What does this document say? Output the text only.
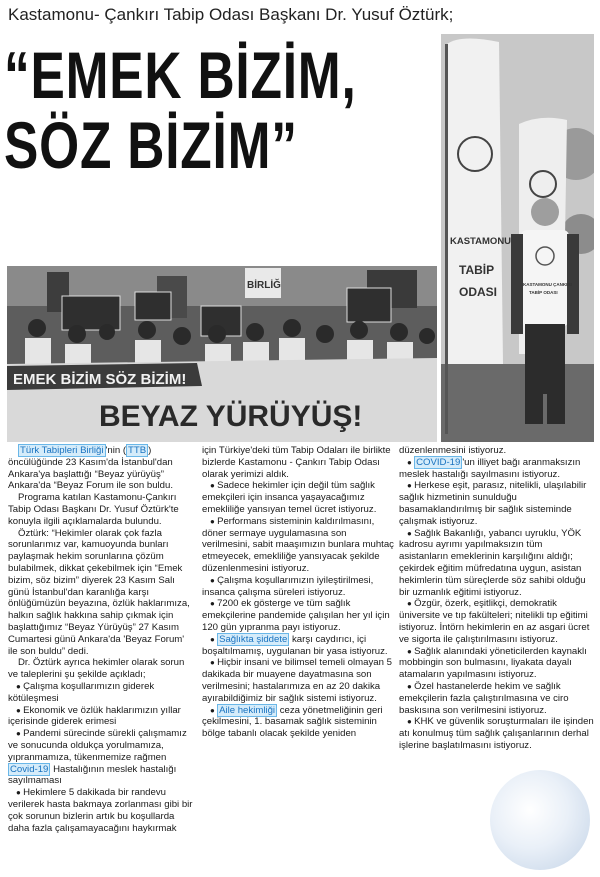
Kastamonu- Çankırı Tabip Odası Başkanı Dr. Yusuf Öztürk;
“EMEK BİZİM,
SÖZ BİZİM”
BİRLİĞ
EMEK BİZİM SÖZ BİZİM!
BEYAZ YÜRÜYÜŞ!
KASTAMONU
TABİP
ODASI
KASTAMONU ÇANKIRI
TABİP ODASI

Türk Tabipleri Birliği 'nin ( TTB ) öncülüğünde 23 Kasım'da İstanbul'dan Ankara'ya başlattığı “Beyaz yürüyüş” Ankara'da “Beyaz Forum ile son buldu.

Programa katılan Kastamonu-Çankırı Tabip Odası Başkanı Dr. Yusuf Öztürk'te konuyla ilgili açıklamalarda bulundu.

Öztürk: “Hekimler olarak çok fazla sorunlarımız var, kamuoyunda bunları paylaşmak hekim sorunlarına çözüm bulabilmek, dikkat çekebilmek için “Emek bizim, söz bizim” diyerek 23 Kasım Salı günü İstanbul'dan karanlığa karşı önlüğümüzün beyazına, özlük haklarımıza, halkın sağlık hakkına sahip çıkmak için başlattığımız “Beyaz Yürüyüş” 27 Kasım Cumartesi günü Ankara'da 'Beyaz Forum' ile son buldu” dedi.

Dr. Öztürk ayrıca hekimler olarak sorun ve taleplerini şu şekilde açıkladı;

● Çalışma koşullarımızın giderek kötüleşmesi

● Ekonomik ve özlük haklarımızın yıllar içerisinde giderek erimesi

● Pandemi sürecinde sürekli çalışmamız ve sonucunda oldukça yorulmamıza, yıpranmamıza, tükenmemize rağmen Covid-19 Hastalığının meslek hastalığı sayılmaması

● Hekimlere 5 dakikada bir randevu verilerek hasta bakmaya zorlanması gibi bir çok sorunun bizlerin artık bu koşullarda daha fazla çalışamayacağını haykırmak

için Türkiye'deki tüm Tabip Odaları ile birlikte bizlerde Kastamonu - Çankırı Tabip Odası olarak yerimizi aldık.

● Sadece hekimler için değil tüm sağlık emekçileri için insanca yaşayacağımız emekliliğe yansıyan temel ücret istiyoruz.

● Performans sisteminin kaldırılmasını, döner sermaye uygulamasına son verilmesini, sabit maaşımızın bunlara muhtaç etmeyecek, emekliliğe yansıyacak şekilde düzenlenmesini istiyoruz.

● Çalışma koşullarımızın iyileştirilmesi, insanca çalışma süreleri istiyoruz.

● 7200 ek gösterge ve tüm sağlık emekçilerine pandemide çalışılan her yıl için 120 gün yıpranma payı istiyoruz.

● Sağlıkta şiddete karşı caydırıcı, içi boşaltılmamış, uygulanan bir yasa istiyoruz.

● Hiçbir insani ve bilimsel temeli olmayan 5 dakikada bir muayene dayatmasına son verilmesini; hastalarımıza en az 20 dakika ayırabildiğimiz bir sağlık sistemi istiyoruz.

● Aile hekimliği ceza yönetmeliğinin geri çekilmesini, 1. basamak sağlık sisteminin bölge tabanlı olacak şekilde yeniden

düzenlenmesini istiyoruz.

● COVID-19 'un illiyet bağı aranmaksızın meslek hastalığı sayılmasını istiyoruz.

● Herkese eşit, parasız, nitelikli, ulaşılabilir sağlık hizmetinin sunulduğu basamaklandırılmış bir sağlık sisteminde çalışmak istiyoruz.

● Sağlık Bakanlığı, yabancı uyruklu, YÖK kadrosu ayrımı yapılmaksızın tüm asistanların emeklerinin karşılığını aldığı; çekirdek eğitim müfredatına uygun, asistan hekimlerin tüm süreçlerde söz sahibi olduğu bir uzmanlık eğitimi istiyoruz.

● Özgür, özerk, eşitlikçi, demokratik üniversite ve tıp fakülteleri; nitelikli tıp eğitimi istiyoruz. İntörn hekimlerin en az asgari ücret ve sigorta ile çalıştırılmasını istiyoruz.

● Sağlık alanındaki yöneticilerden kaynaklı mobbingin son bulmasını, liyakata dayalı atamaların yapılmasını istiyoruz.

● Özel hastanelerde hekim ve sağlık emekçilerin fazla çalıştırılmasına ve ciro baskısına son verilmesini istiyoruz.

● KHK ve güvenlik soruşturmaları ile işinden atı konulmuş tüm sağlık çalışanlarının derhal işlerine başlatılmasını istiyoruz.
